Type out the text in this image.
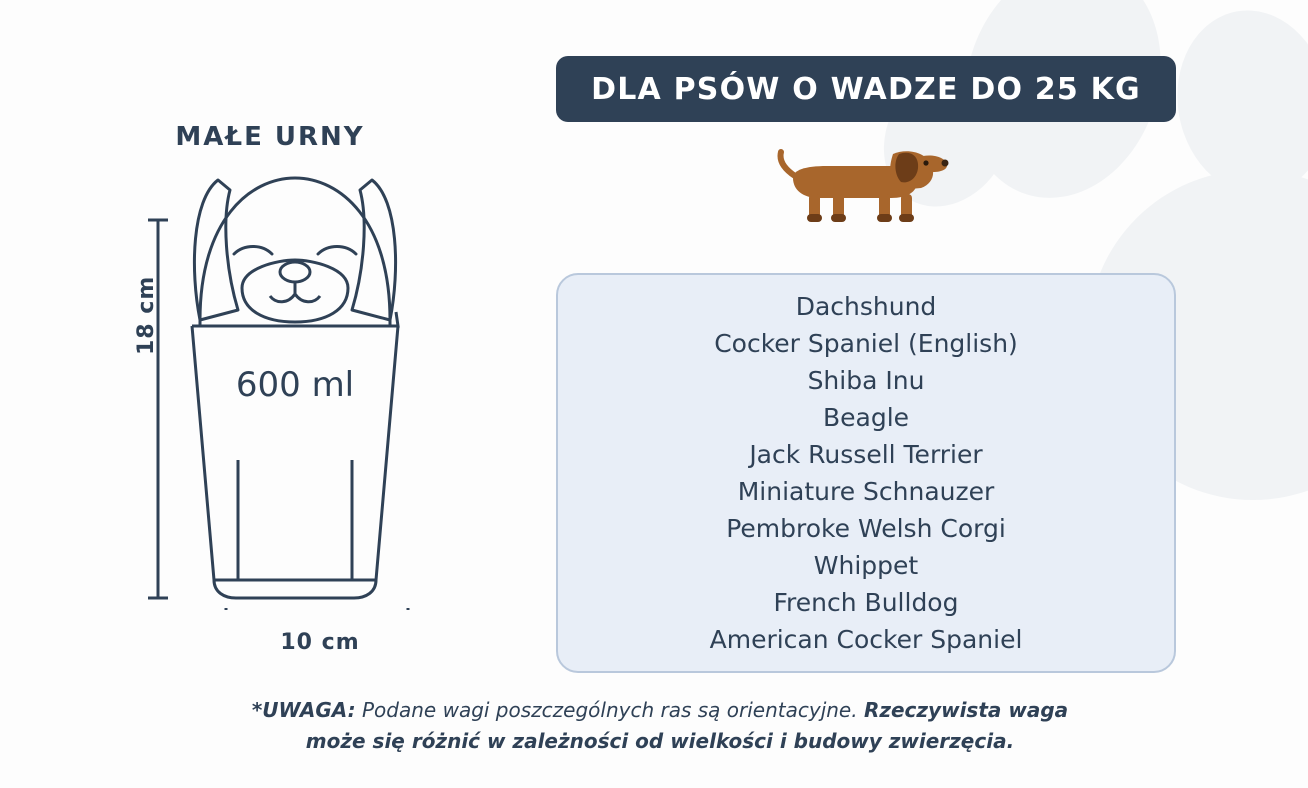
MAŁE URNY
600 ml
18 cm
10 cm
DLA PSÓW O WADZE DO 25 KG
Dachshund
Cocker Spaniel (English)
Shiba Inu
Beagle
Jack Russell Terrier
Miniature Schnauzer
Pembroke Welsh Corgi
Whippet
French Bulldog
American Cocker Spaniel
*UWAGA: Podane wagi poszczególnych ras są orientacyjne. Rzeczywista waga może się różnić w zależności od wielkości i budowy zwierzęcia.
